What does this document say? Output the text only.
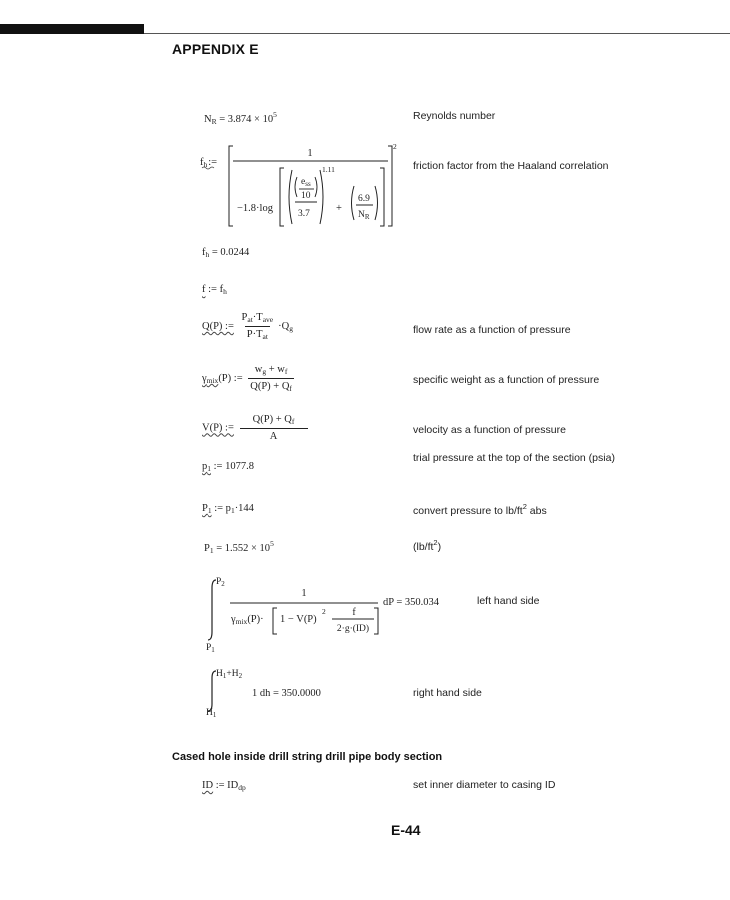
APPENDIX E
$N_R = 3.874 \times 10^5$	Reynolds number
fh:=
2
1
−1.8·log
$e_{ss}$
10
3.7
1.11
+
6.9
$N_R$
friction factor from the Haaland correlation
$f_h = 0.0244$
f := $f_h$
Q(P) := $\frac{P_{at}\cdot T_{ave}}{P\cdot T_{at}} \cdot Q_g$	flow rate as a function of pressure
$\gamma_{mix}(P)$ := $\frac{w_g + w_f}{Q(P) + Q_f}$	specific weight as a function of pressure
V(P) := $\frac{Q(P) + Q_f}{A}$	velocity as a function of pressure
trial pressure at the top of the section (psia)
$p_1$ := 1077.8
$P_1$ := $p_1\cdot 144$	convert pressure to $lb/ft^2$ abs
$P_1 = 1.552 \times 10^5$	$(lb/ft^2)$
$P_2$
$P_1$
1
γmix(P)· 1 − V(P)
2	f
2·g·(ID)
dP = 350.034	left hand side
$H_1+H_2$
$H_1$
1 dh = 350.0000	right hand side
Cased hole inside drill string drill pipe body section
ID := $ID_{dp}$	set inner diameter to casing ID
E-44
